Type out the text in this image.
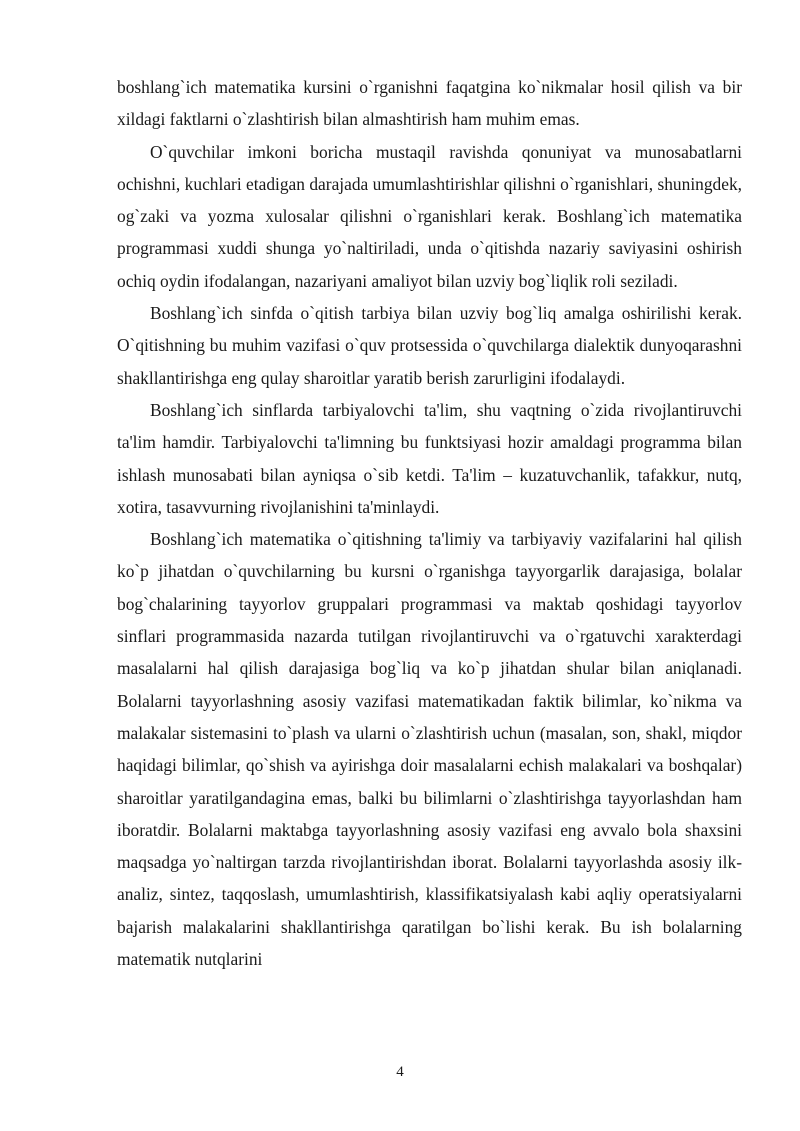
boshlang`ich matematika kursini o`rganishni faqatgina ko`nikmalar hosil qilish va bir xildagi faktlarni o`zlashtirish bilan almashtirish ham muhim emas.

O`quvchilar imkoni boricha mustaqil ravishda qonuniyat va munosabatlarni ochishni, kuchlari etadigan darajada umumlashtirishlar qilishni o`rganishlari, shuningdek, og`zaki va yozma xulosalar qilishni o`rganishlari kerak. Boshlang`ich matematika programmasi xuddi shunga yo`naltiriladi, unda o`qitishda nazariy saviyasini oshirish ochiq oydin ifodalangan, nazariyani amaliyot bilan uzviy bog`liqlik roli seziladi.

Boshlang`ich sinfda o`qitish tarbiya bilan uzviy bog`liq amalga oshirilishi kerak. O`qitishning bu muhim vazifasi o`quv protsessida o`quvchilarga dialektik dunyoqarashni shakllantirishga eng qulay sharoitlar yaratib berish zarurligini ifodalaydi.

Boshlang`ich sinflarda tarbiyalovchi ta'lim, shu vaqtning o`zida rivojlantiruvchi ta'lim hamdir. Tarbiyalovchi ta'limning bu funktsiyasi hozir amaldagi programma bilan ishlash munosabati bilan ayniqsa o`sib ketdi. Ta'lim – kuzatuvchanlik, tafakkur, nutq, xotira, tasavvurning rivojlanishini ta'minlaydi.

Boshlang`ich matematika o`qitishning ta'limiy va tarbiyaviy vazifalarini hal qilish ko`p jihatdan o`quvchilarning bu kursni o`rganishga tayyorgarlik darajasiga, bolalar bog`chalarining tayyorlov gruppalari programmasi va maktab qoshidagi tayyorlov sinflari programmasida nazarda tutilgan rivojlantiruvchi va o`rgatuvchi xarakterdagi masalalarni hal qilish darajasiga bog`liq va ko`p jihatdan shular bilan aniqlanadi. Bolalarni tayyorlashning asosiy vazifasi matematikadan faktik bilimlar, ko`nikma va malakalar sistemasini to`plash va ularni o`zlashtirish uchun (masalan, son, shakl, miqdor haqidagi bilimlar, qo`shish va ayirishga doir masalalarni echish malakalari va boshqalar) sharoitlar yaratilgandagina emas, balki bu bilimlarni o`zlashtirishga tayyorlashdan ham iboratdir. Bolalarni maktabga tayyorlashning asosiy vazifasi eng avvalo bola shaxsini maqsadga yo`naltirgan tarzda rivojlantirishdan iborat. Bolalarni tayyorlashda asosiy ilk-analiz, sintez, taqqoslash, umumlashtirish, klassifikatsiyalash kabi aqliy operatsiyalarni bajarish malakalarini shakllantirishga qaratilgan bo`lishi kerak. Bu ish bolalarning matematik nutqlarini

4
